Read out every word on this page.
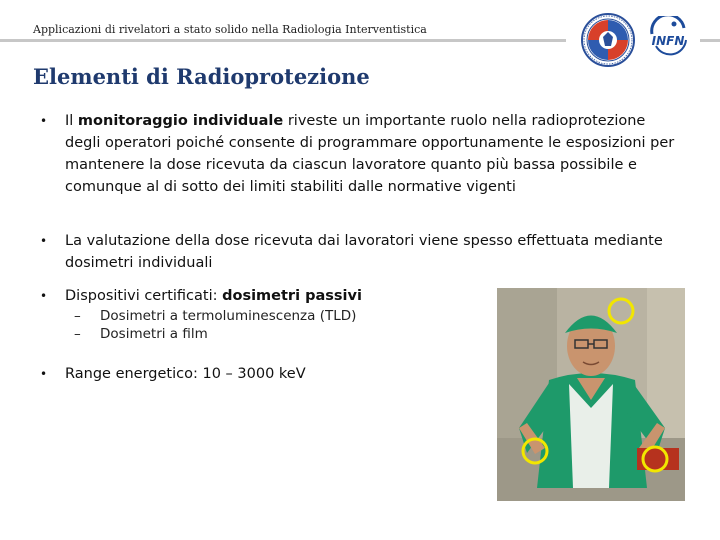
Applicazioni di rivelatori a stato solido nella Radiologia Interventistica
INFN
Elementi di Radioprotezione
•	Il monitoraggio individuale riveste un importante ruolo nella radioprotezione degli operatori poiché consente di programmare opportunamente le esposizioni per mantenere la dose ricevuta da ciascun lavoratore quanto più bassa possibile e comunque al di sotto dei limiti stabiliti dalle normative vigenti
•	La valutazione della dose ricevuta dai lavoratori viene spesso effettuata mediante dosimetri individuali
•	Dispositivi certificati: dosimetri passivi
– Dosimetri a termoluminescenza (TLD)
– Dosimetri a film
•	Range energetico: 10 – 3000 keV
